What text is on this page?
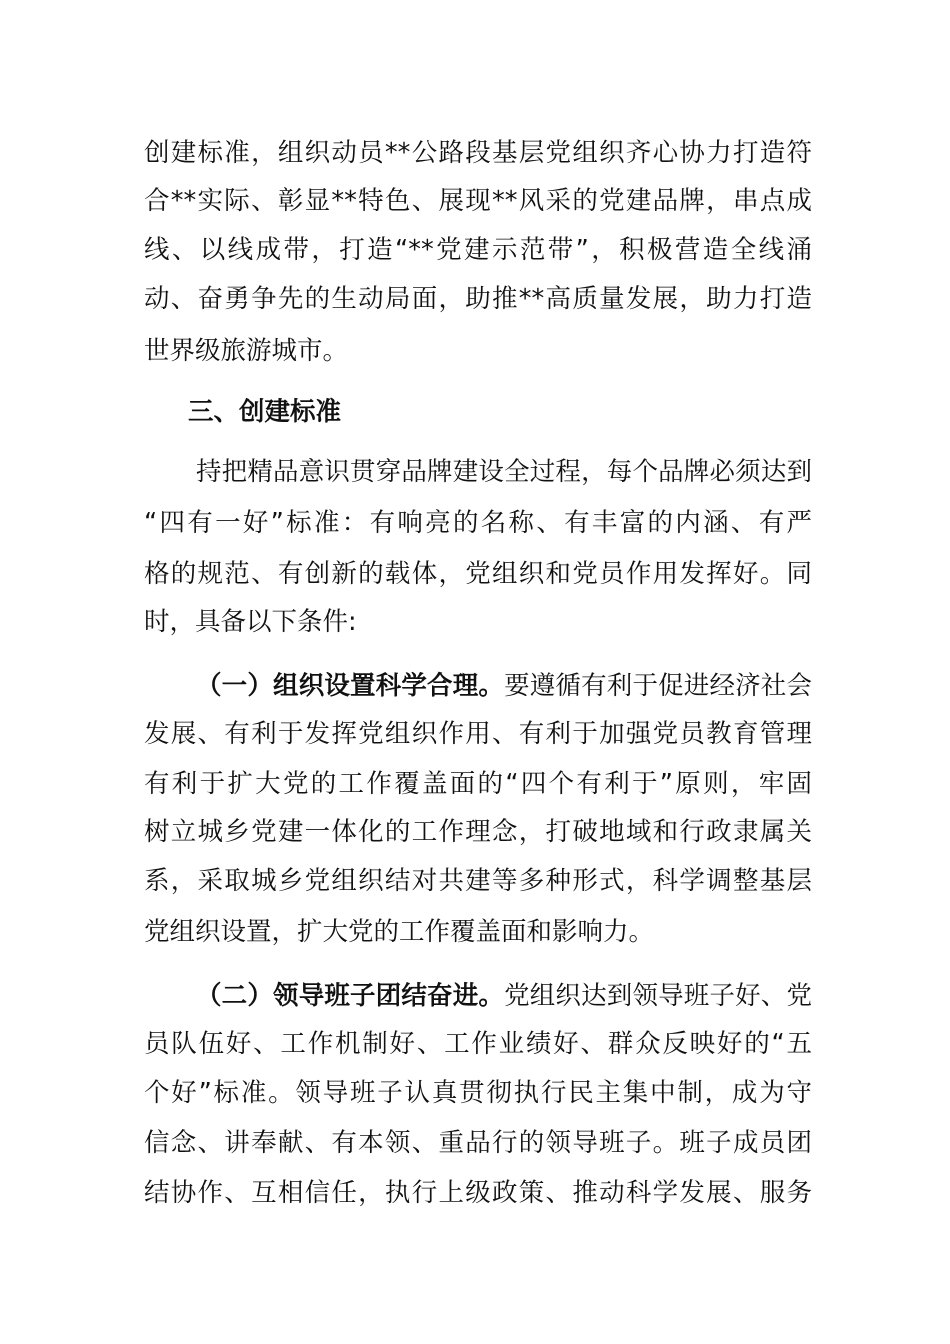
创建标准，组织动员**公路段基层党组织齐心协力打造符
合**实际、彰显**特色、展现**风采的党建品牌，串点成
线、以线成带，打造“**党建示范带”，积极营造全线涌
动、奋勇争先的生动局面，助推**高质量发展，助力打造
世界级旅游城市。
三、创建标准
持把精品意识贯穿品牌建设全过程，每个品牌必须达到
“四有一好”标准：有响亮的名称、有丰富的内涵、有严
格的规范、有创新的载体，党组织和党员作用发挥好。同
时，具备以下条件:
（一）组织设置科学合理。要遵循有利于促进经济社会
发展、有利于发挥党组织作用、有利于加强党员教育管理
有利于扩大党的工作覆盖面的“四个有利于”原则，牢固
树立城乡党建一体化的工作理念，打破地域和行政隶属关
系，采取城乡党组织结对共建等多种形式，科学调整基层
党组织设置，扩大党的工作覆盖面和影响力。
（二）领导班子团结奋进。党组织达到领导班子好、党
员队伍好、工作机制好、工作业绩好、群众反映好的“五
个好”标准。领导班子认真贯彻执行民主集中制，成为守
信念、讲奉献、有本领、重品行的领导班子。班子成员团
结协作、互相信任，执行上级政策、推动科学发展、服务
